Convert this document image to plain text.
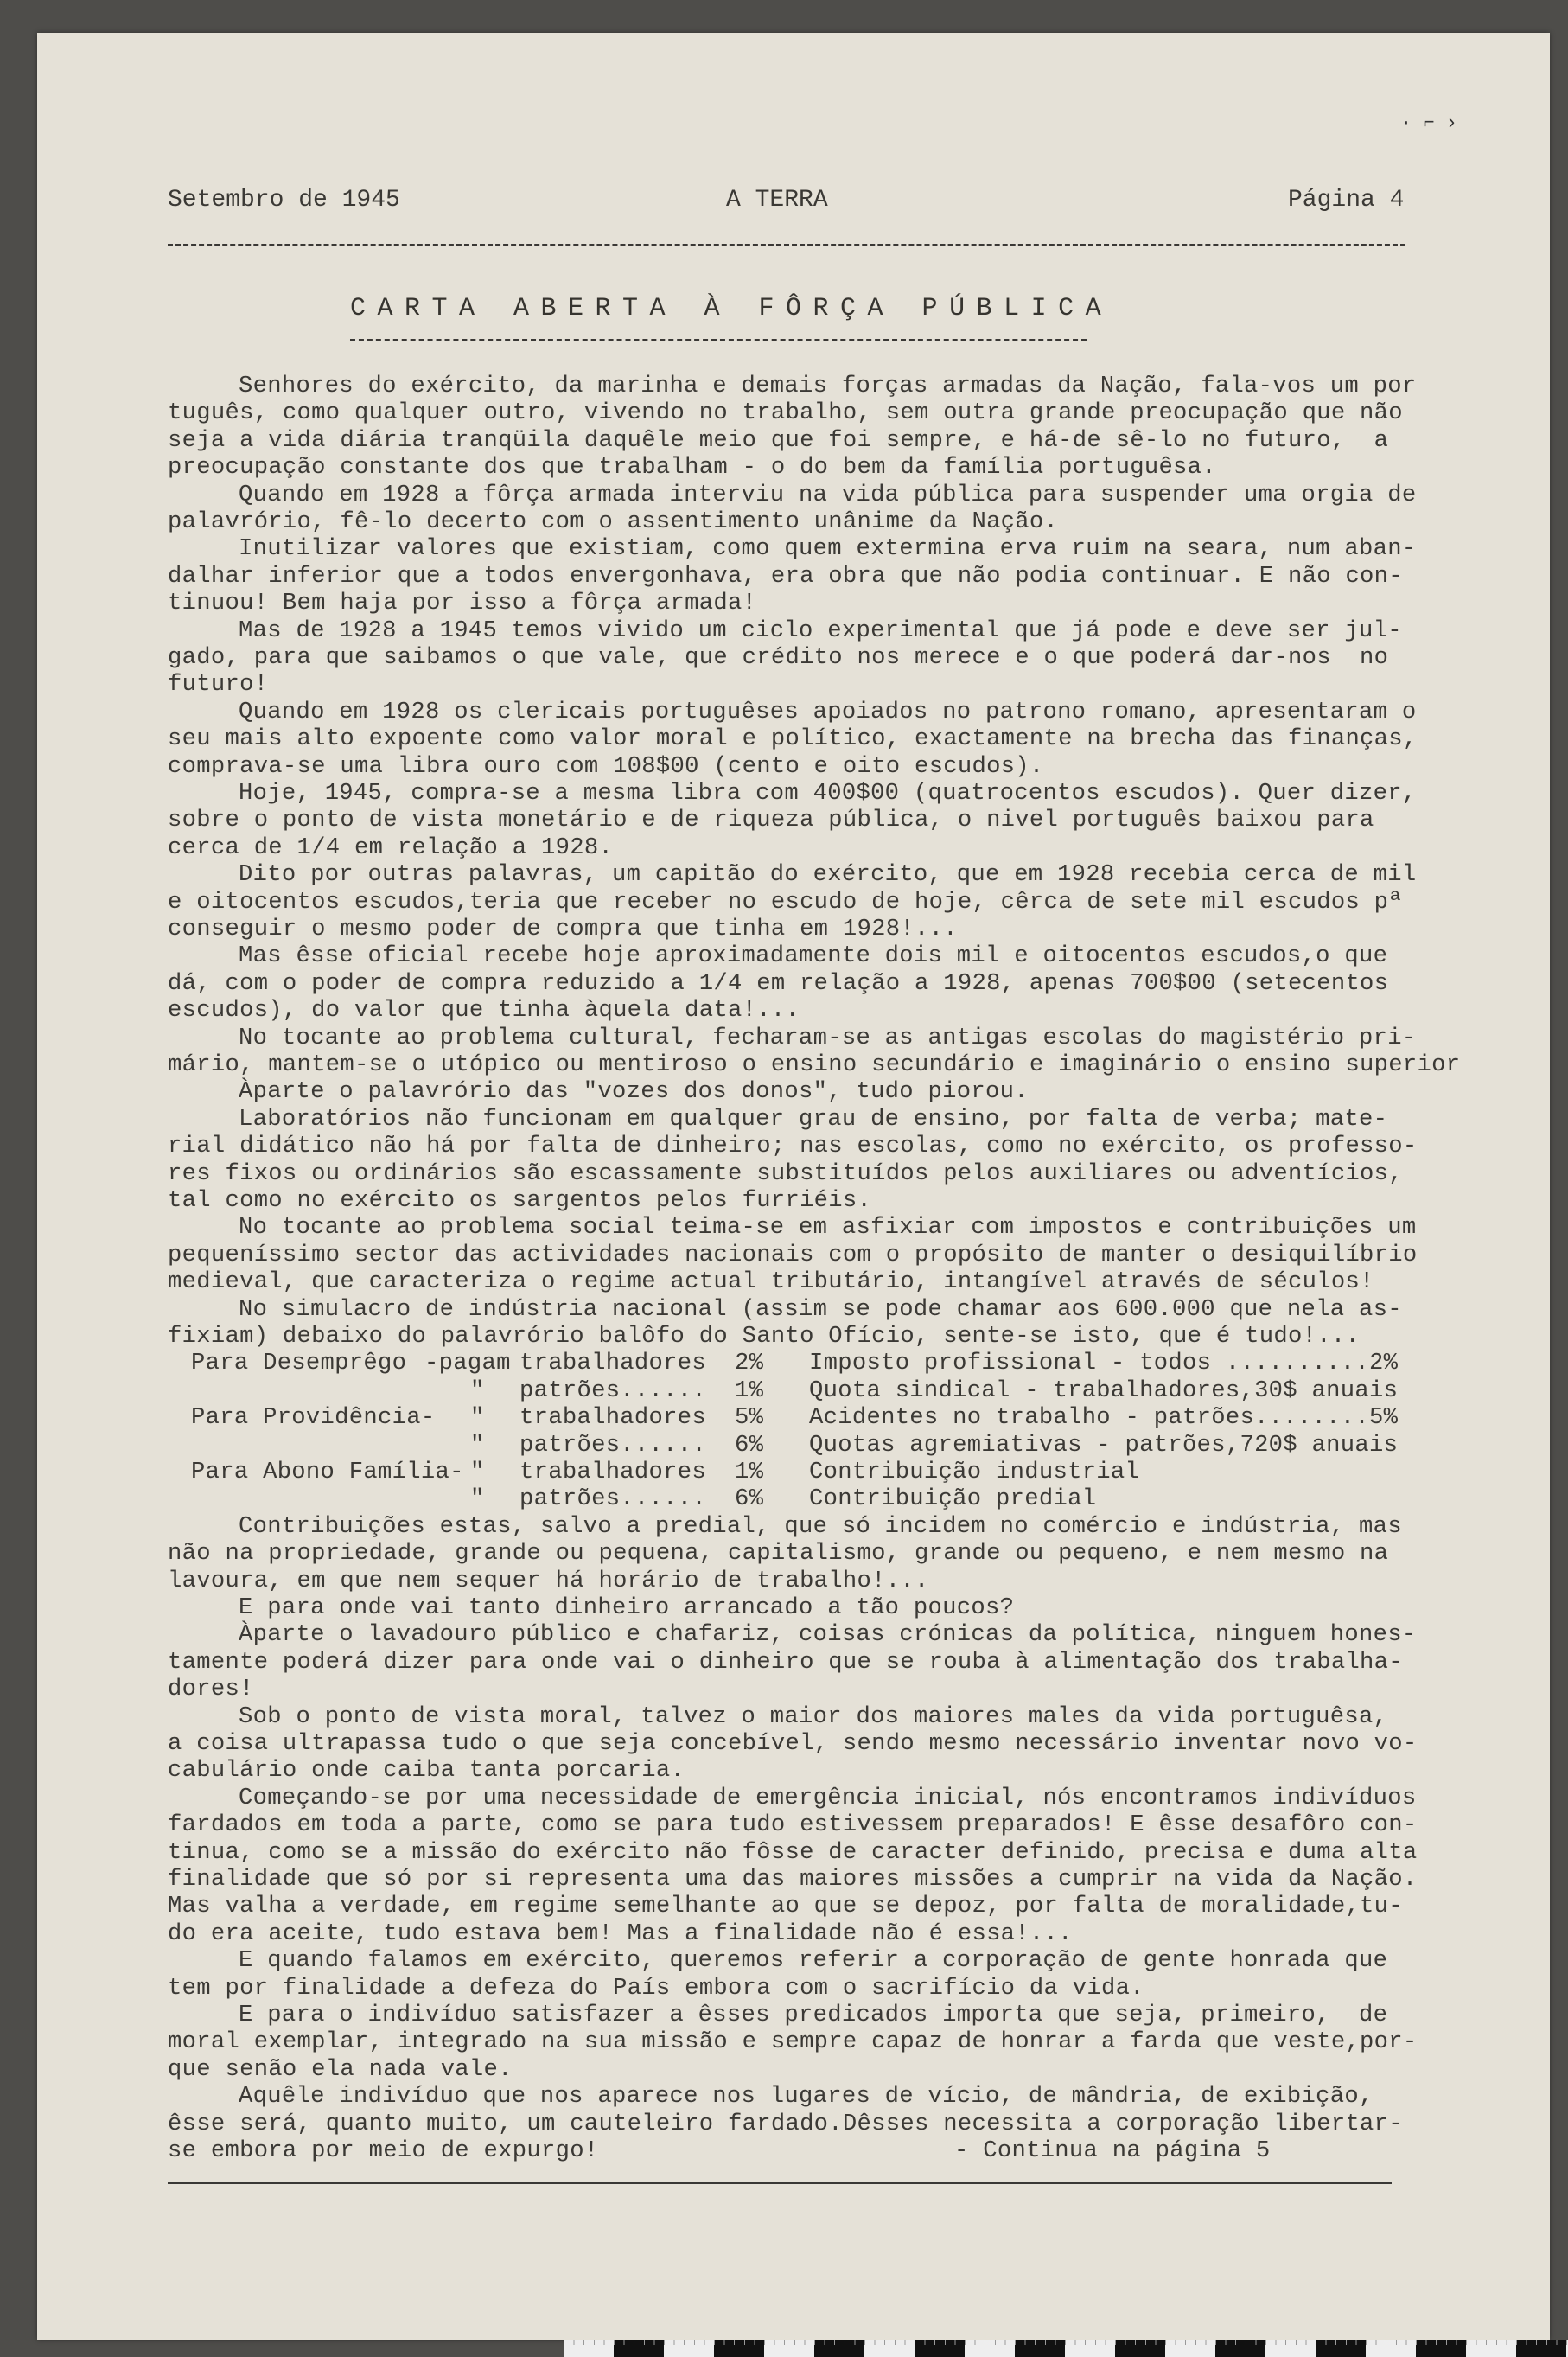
· ⌐ ›
Setembro de 1945	A TERRA	Página 4
CARTA ABERTA À FÔRÇA PÚBLICA
Senhores do exército, da marinha e demais forças armadas da Nação, fala-vos um por
tuguês, como qualquer outro, vivendo no trabalho, sem outra grande preocupação que não
seja a vida diária tranqüila daquêle meio que foi sempre, e há-de sê-lo no futuro,  a
preocupação constante dos que trabalham - o do bem da família portuguêsa.
Quando em 1928 a fôrça armada interviu na vida pública para suspender uma orgia de
palavrório, fê-lo decerto com o assentimento unânime da Nação.
Inutilizar valores que existiam, como quem extermina erva ruim na seara, num aban-
dalhar inferior que a todos envergonhava, era obra que não podia continuar. E não con-
tinuou! Bem haja por isso a fôrça armada!
Mas de 1928 a 1945 temos vivido um ciclo experimental que já pode e deve ser jul-
gado, para que saibamos o que vale, que crédito nos merece e o que poderá dar-nos  no
futuro!
Quando em 1928 os clericais portuguêses apoiados no patrono romano, apresentaram o
seu mais alto expoente como valor moral e político, exactamente na brecha das finanças,
comprava-se uma libra ouro com 108$00 (cento e oito escudos).
Hoje, 1945, compra-se a mesma libra com 400$00 (quatrocentos escudos). Quer dizer,
sobre o ponto de vista monetário e de riqueza pública, o nivel português baixou para
cerca de 1/4 em relação a 1928.
Dito por outras palavras, um capitão do exército, que em 1928 recebia cerca de mil
e oitocentos escudos,teria que receber no escudo de hoje, cêrca de sete mil escudos pª
conseguir o mesmo poder de compra que tinha em 1928!...
Mas êsse oficial recebe hoje aproximadamente dois mil e oitocentos escudos,o que
dá, com o poder de compra reduzido a 1/4 em relação a 1928, apenas 700$00 (setecentos
escudos), do valor que tinha àquela data!...
No tocante ao problema cultural, fecharam-se as antigas escolas do magistério pri-
mário, mantem-se o utópico ou mentiroso o ensino secundário e imaginário o ensino superior
Àparte o palavrório das "vozes dos donos", tudo piorou.
Laboratórios não funcionam em qualquer grau de ensino, por falta de verba; mate-
rial didático não há por falta de dinheiro; nas escolas, como no exército, os professo-
res fixos ou ordinários são escassamente substituídos pelos auxiliares ou adventícios,
tal como no exército os sargentos pelos furriéis.
No tocante ao problema social teima-se em asfixiar com impostos e contribuições um
pequeníssimo sector das actividades nacionais com o propósito de manter o desiquilíbrio
medieval, que caracteriza o regime actual tributário, intangível através de séculos!
No simulacro de indústria nacional (assim se pode chamar aos 600.000 que nela as-
fixiam) debaixo do palavrório balôfo do Santo Ofício, sente-se isto, que é tudo!...
Para Desemprêgo -pagam trabalhadores 2% Imposto profissional - todos ..........2%
" patrões...... 1% Quota sindical - trabalhadores,30$ anuais
Para Providência- " trabalhadores 5% Acidentes no trabalho - patrões........5%
" patrões...... 6% Quotas agremiativas - patrões,720$ anuais
Para Abono Família- " trabalhadores 1% Contribuição industrial
" patrões...... 6% Contribuição predial
Contribuições estas, salvo a predial, que só incidem no comércio e indústria, mas
não na propriedade, grande ou pequena, capitalismo, grande ou pequeno, e nem mesmo na
lavoura, em que nem sequer há horário de trabalho!...
E para onde vai tanto dinheiro arrancado a tão poucos?
Àparte o lavadouro público e chafariz, coisas crónicas da política, ninguem hones-
tamente poderá dizer para onde vai o dinheiro que se rouba à alimentação dos trabalha-
dores!
Sob o ponto de vista moral, talvez o maior dos maiores males da vida portuguêsa,
a coisa ultrapassa tudo o que seja concebível, sendo mesmo necessário inventar novo vo-
cabulário onde caiba tanta porcaria.
Começando-se por uma necessidade de emergência inicial, nós encontramos indivíduos
fardados em toda a parte, como se para tudo estivessem preparados! E êsse desafôro con-
tinua, como se a missão do exército não fôsse de caracter definido, precisa e duma alta
finalidade que só por si representa uma das maiores missões a cumprir na vida da Nação.
Mas valha a verdade, em regime semelhante ao que se depoz, por falta de moralidade,tu-
do era aceite, tudo estava bem! Mas a finalidade não é essa!...
E quando falamos em exército, queremos referir a corporação de gente honrada que
tem por finalidade a defeza do País embora com o sacrifício da vida.
E para o indivíduo satisfazer a êsses predicados importa que seja, primeiro,  de
moral exemplar, integrado na sua missão e sempre capaz de honrar a farda que veste,por-
que senão ela nada vale.
Aquêle indivíduo que nos aparece nos lugares de vício, de mândria, de exibição,
êsse será, quanto muito, um cauteleiro fardado.Dêsses necessita a corporação libertar-
se embora por meio de expurgo!	- Continua na página 5
